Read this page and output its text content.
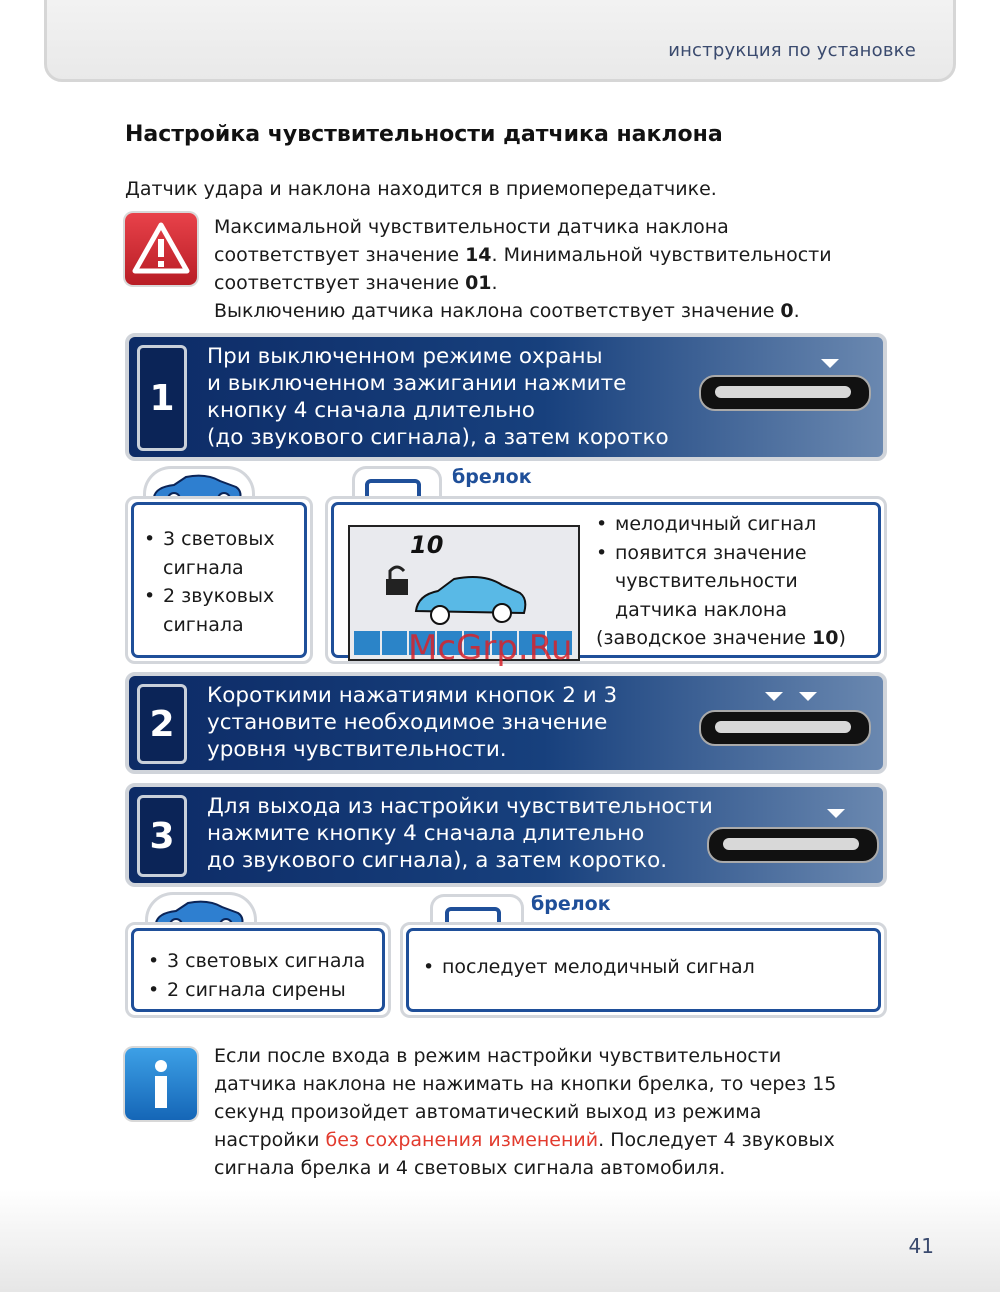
инструкция по установке
Настройка чувствительности датчика наклона
Датчик удара и наклона находится в приемопередатчике.
Максимальной чувствительности датчика наклона
соответствует значение 14. Минимальной чувствительности
соответствует значение 01.
Выключению датчика наклона соответствует значение 0.
1
При выключенном режиме охраны
и выключенном зажигании нажмите
кнопку 4 сначала длительно
(до звукового сигнала), а затем коротко
• 3 световых
сигнала
• 2 звуковых
сигнала
брелок
10
• мелодичный сигнал
• появится значение
чувствительности
датчика наклона
(заводское значение 10)
McGrp.Ru
2
Короткими нажатиями кнопок 2 и 3
установите необходимое значение
уровня чувствительности.
3
Для выхода из настройки чувствительности
нажмите кнопку 4 сначала длительно
до звукового сигнала), а затем коротко.
• 3 световых сигнала
• 2 сигнала сирены
брелок
• последует мелодичный сигнал
Если после входа в режим настройки чувствительности
датчика наклона не нажимать на кнопки брелка, то через 15
секунд произойдет автоматический выход из режима
настройки без сохранения изменений. Последует 4 звуковых
сигнала брелка и 4 световых сигнала автомобиля.
41
